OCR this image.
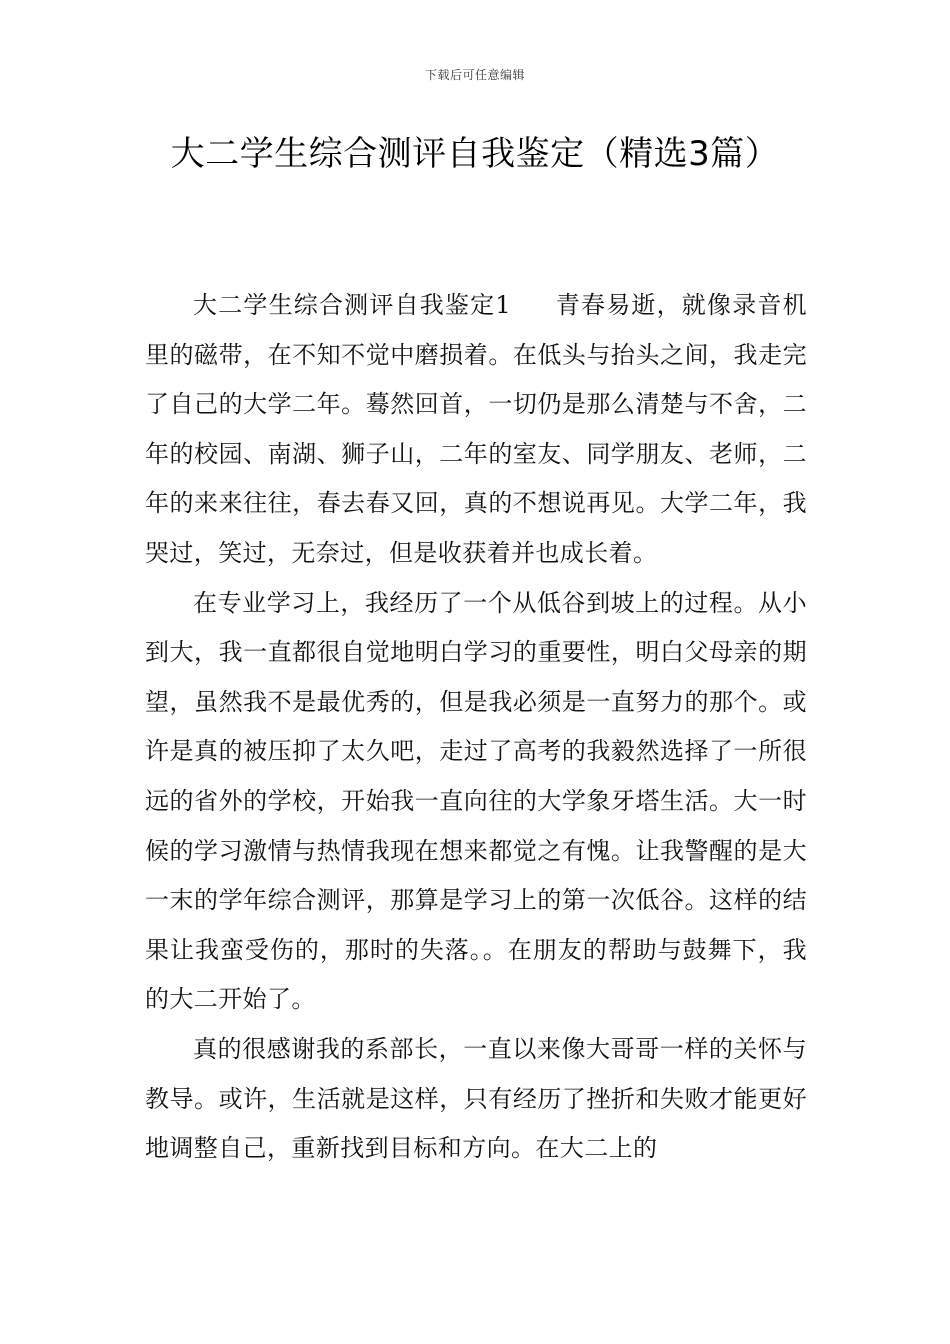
下载后可任意编辑
大二学生综合测评自我鉴定（精选3篇）

大二学生综合测评自我鉴定1 青春易逝，就像录音机里的磁带，在不知不觉中磨损着。在低头与抬头之间，我走完了自己的大学二年。蓦然回首，一切仍是那么清楚与不舍，二年的校园、南湖、狮子山，二年的室友、同学朋友、老师，二年的来来往往，春去春又回，真的不想说再见。大学二年，我哭过，笑过，无奈过，但是收获着并也成长着。

在专业学习上，我经历了一个从低谷到坡上的过程。从小到大，我一直都很自觉地明白学习的重要性，明白父母亲的期望，虽然我不是最优秀的，但是我必须是一直努力的那个。或许是真的被压抑了太久吧，走过了高考的我毅然选择了一所很远的省外的学校，开始我一直向往的大学象牙塔生活。大一时候的学习激情与热情我现在想来都觉之有愧。让我警醒的是大一末的学年综合测评，那算是学习上的第一次低谷。这样的结果让我蛮受伤的，那时的失落。。在朋友的帮助与鼓舞下，我的大二开始了。

真的很感谢我的系部长，一直以来像大哥哥一样的关怀与教导。或许，生活就是这样，只有经历了挫折和失败才能更好地调整自己，重新找到目标和方向。在大二上的
